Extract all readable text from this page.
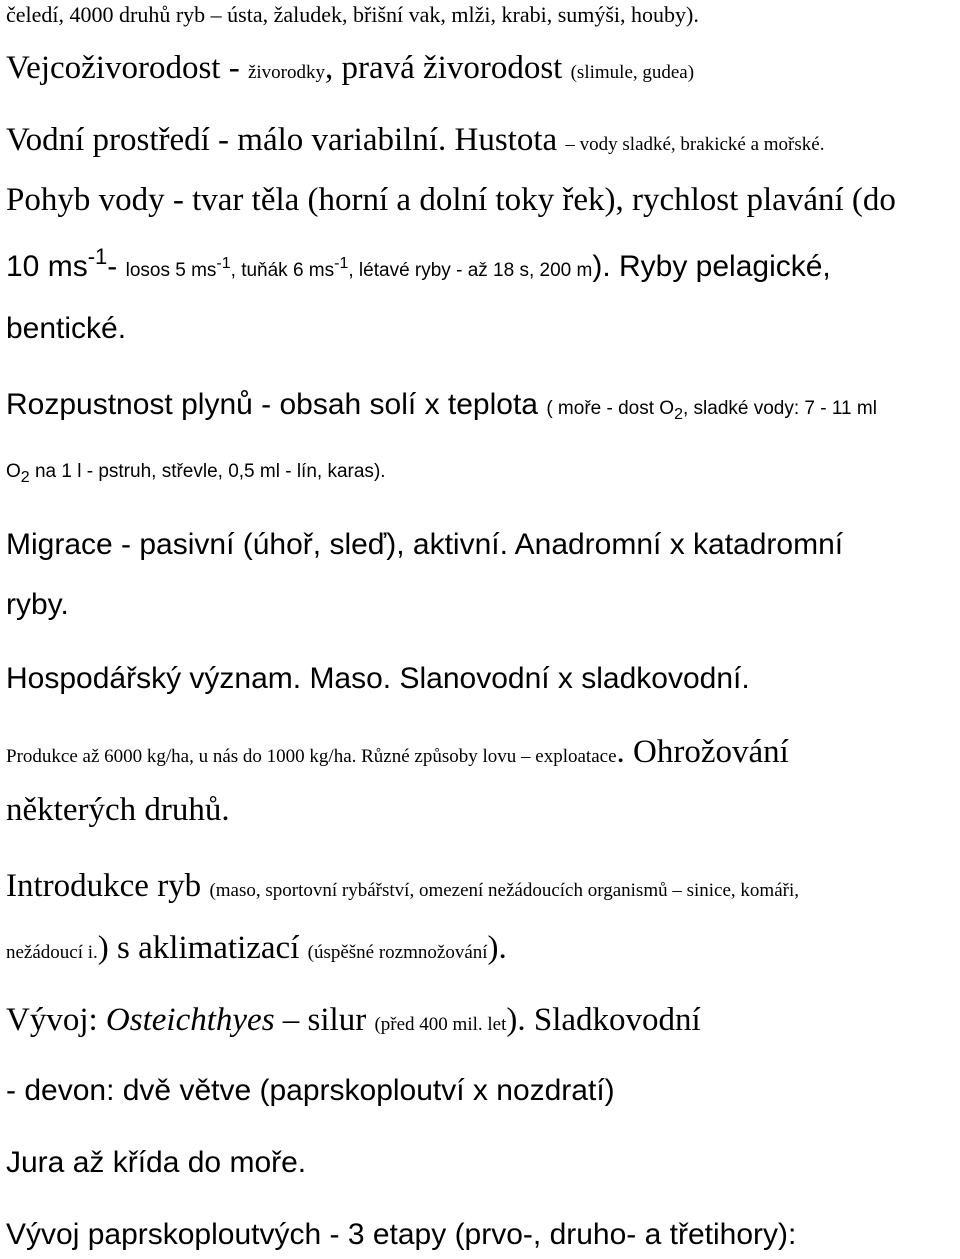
čeledí, 4000 druhů ryb – ústa, žaludek, břišní vak, mlži, krabi, sumýši, houby).
Vejcoživorodost - živorodky, pravá živorodost (slimule, gudea)
Vodní prostředí - málo variabilní. Hustota – vody sladké, brakické a mořské.
Pohyb vody - tvar těla (horní a dolní toky řek), rychlost plavání (do
10 ms-1- losos 5 ms-1, tuňák 6 ms-1, létavé ryby - až 18 s, 200 m). Ryby pelagické,
bentické.
Rozpustnost plynů - obsah solí x teplota ( moře - dost O2, sladké vody: 7 - 11 ml
O2 na 1 l - pstruh, střevle, 0,5 ml - lín, karas).
Migrace - pasivní (úhoř, sleď), aktivní. Anadromní x katadromní
ryby.
Hospodářský význam. Maso. Slanovodní x sladkovodní.
Produkce až 6000 kg/ha, u nás do 1000 kg/ha. Různé způsoby lovu – exploatace. Ohrožování
některých druhů.
Introdukce ryb (maso, sportovní rybářství, omezení nežádoucích organismů – sinice, komáři,
nežádoucí i.) s aklimatizací (úspěšné rozmnožování).
Vývoj: Osteichthyes – silur (před 400 mil. let). Sladkovodní
- devon: dvě větve (paprskoploutví x nozdratí)
Jura až křída do moře.
Vývoj paprskoploutvých - 3 etapy (prvo-, druho- a třetihory):
